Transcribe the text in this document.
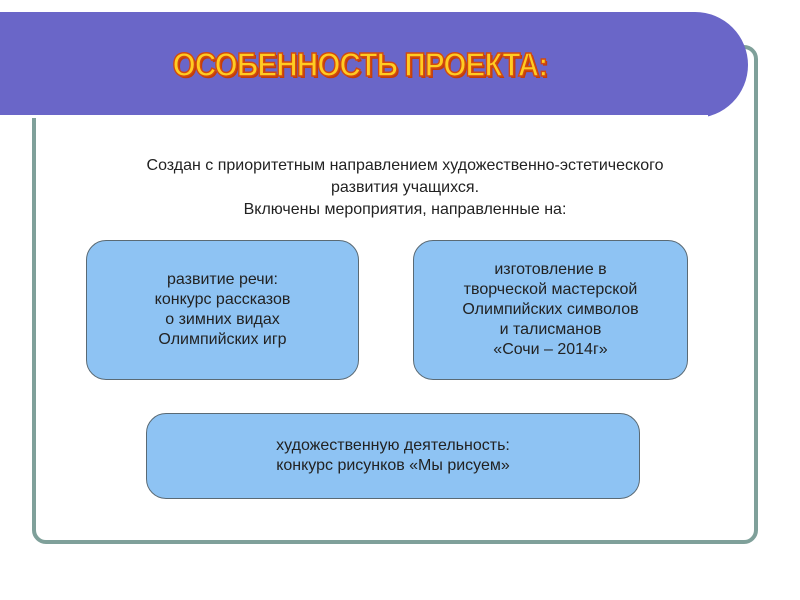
ОСОБЕННОСТЬ ПРОЕКТА:
Создан с приоритетным направлением художественно-эстетического
развития учащихся.
Включены мероприятия, направленные на:
развитие речи:
конкурс рассказов
о зимних видах
Олимпийских игр
изготовление в
творческой мастерской
Олимпийских символов
и талисманов
«Сочи – 2014г»
художественную деятельность:
конкурс рисунков «Мы рисуем»
